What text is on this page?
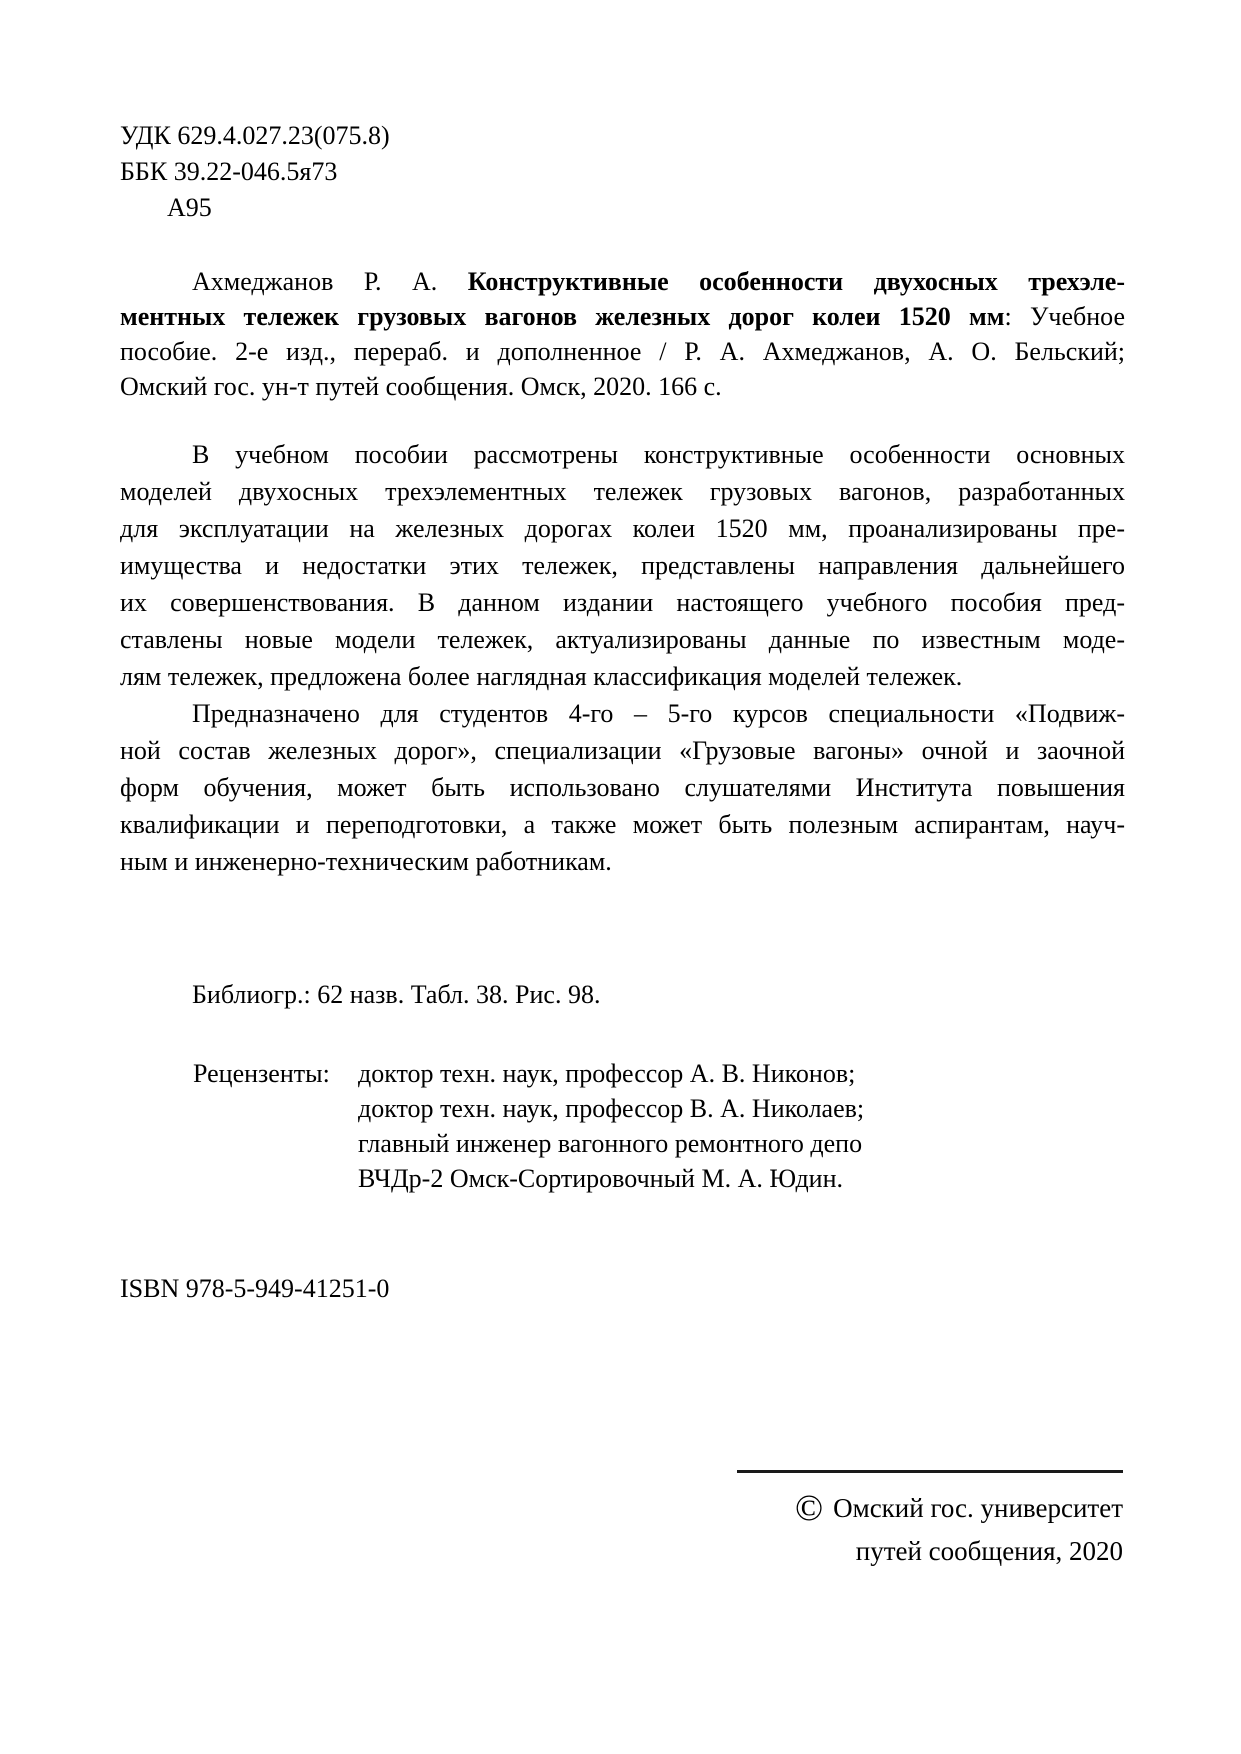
УДК 629.4.027.23(075.8)
ББК 39.22-046.5я73
А95
Ахмеджанов Р. А. Конструктивные особенности двухосных трехэле-
ментных тележек грузовых вагонов железных дорог колеи 1520 мм: Учебное
пособие. 2-е изд., перераб. и дополненное / Р. А. Ахмеджанов, А. О. Бельский;
Омский гос. ун-т путей сообщения. Омск, 2020. 166 с.
В учебном пособии рассмотрены конструктивные особенности основных
моделей двухосных трехэлементных тележек грузовых вагонов, разработанных
для эксплуатации на железных дорогах колеи 1520 мм, проанализированы пре-
имущества и недостатки этих тележек, представлены направления дальнейшего
их совершенствования. В данном издании настоящего учебного пособия пред-
ставлены новые модели тележек, актуализированы данные по известным моде-
лям тележек, предложена более наглядная классификация моделей тележек.
Предназначено для студентов 4-го – 5-го курсов специальности «Подвиж-
ной состав железных дорог», специализации «Грузовые вагоны» очной и заочной
форм обучения, может быть использовано слушателями Института повышения
квалификации и переподготовки, а также может быть полезным аспирантам, науч-
ным и инженерно-техническим работникам.
Библиогр.: 62 назв. Табл. 38. Рис. 98.
Рецензенты:	доктор техн. наук, профессор А. В. Никонов;
доктор техн. наук, профессор В. А. Николаев;
главный инженер вагонного ремонтного депо
ВЧДр-2 Омск-Сортировочный М. А. Юдин.
ISBN 978-5-949-41251-0
© Омский гос. университет
путей сообщения, 2020
